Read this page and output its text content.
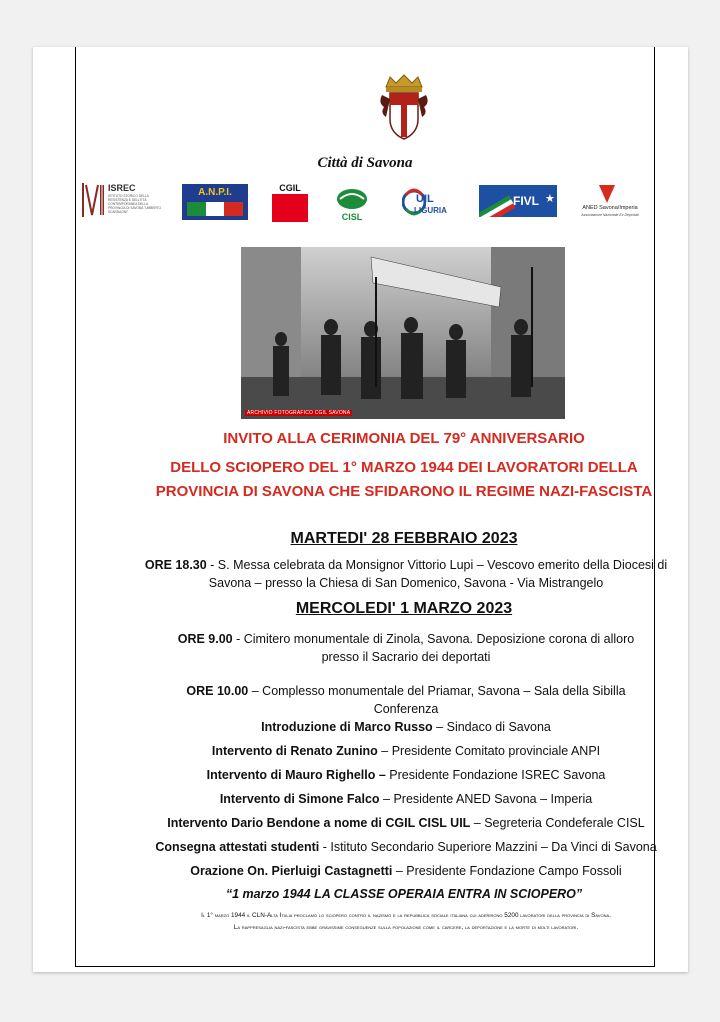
Città di Savona
ISREC
ISTITUTO STORICO DELLA RESISTENZA E DELL'ETÀ CONTEMPORANEA DELLA PROVINCIA DI SAVONA "UMBERTO SCARDAONI"
A.N.P.I.	CGIL
CISL
UIL
LIGURIA
FIVL ★
ANED Savona/Imperia
Associazione Nazionale Ex Deportati
ARCHIVIO FOTOGRAFICO CGIL SAVONA
INVITO ALLA CERIMONIA DEL 79° ANNIVERSARIO
DELLO SCIOPERO DEL 1° MARZO 1944 DEI LAVORATORI DELLA
PROVINCIA DI SAVONA CHE SFIDARONO IL REGIME NAZI-FASCISTA
MARTEDI' 28 FEBBRAIO 2023
ORE 18.30 - S. Messa celebrata da Monsignor Vittorio Lupi – Vescovo emerito della Diocesi di
Savona – presso la Chiesa di San Domenico, Savona - Via Mistrangelo
MERCOLEDI' 1 MARZO 2023
ORE 9.00 - Cimitero monumentale di Zinola, Savona. Deposizione corona di alloro
presso il Sacrario dei deportati
ORE 10.00 – Complesso monumentale del Priamar, Savona – Sala della Sibilla
Conferenza
Introduzione di Marco Russo – Sindaco di Savona
Intervento di Renato Zunino – Presidente Comitato provinciale ANPI
Intervento di Mauro Righello – Presidente Fondazione ISREC Savona
Intervento di Simone Falco – Presidente ANED Savona – Imperia
Intervento Dario Bendone a nome di CGIL CISL UIL – Segreteria Condeferale CISL
Consegna attestati studenti - Istituto Secondario Superiore Mazzini – Da Vinci di Savona
Orazione On. Pierluigi Castagnetti – Presidente Fondazione Campo Fossoli
“1 marzo 1944 LA CLASSE OPERAIA ENTRA IN SCIOPERO”
Il 1° marzo 1944 il CLN-Alta Italia proclamò lo sciopero contro il nazismo e la repubblica sociale italiana cui aderirono 5200 lavoratori della provincia di Savona.
La rappresaglia nazi-fascista ebbe gravissime conseguenze sulla popolazione come il carcere, la deportazione e la morte di molti lavoratori.
